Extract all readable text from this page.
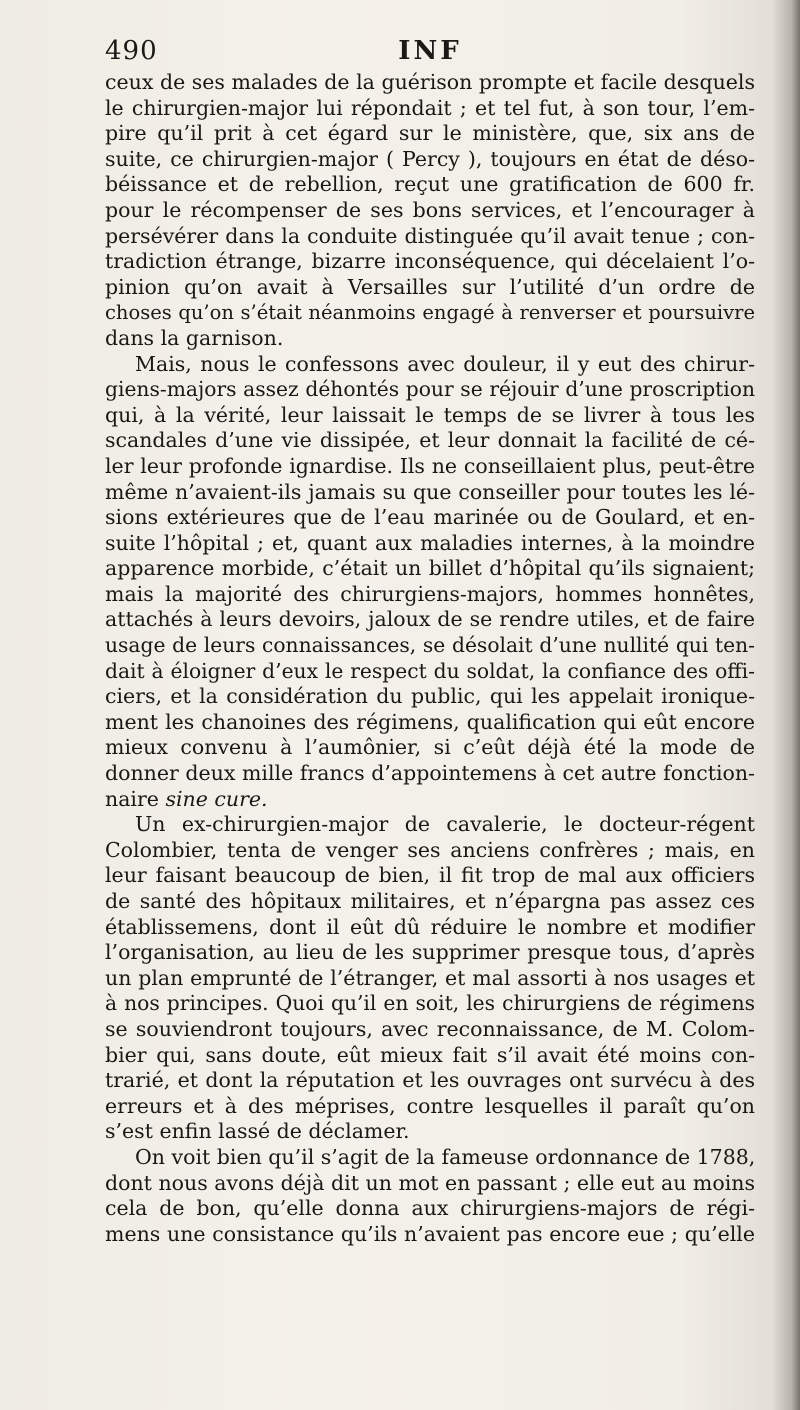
490	INF
ceux de ses malades de la guérison prompte et facile desquels
le chirurgien-major lui répondait ; et tel fut, à son tour, l’em-
pire qu’il prit à cet égard sur le ministère, que, six ans de
suite, ce chirurgien-major ( Percy ), toujours en état de déso-
béissance et de rebellion, reçut une gratification de 600 fr.
pour le récompenser de ses bons services, et l’encourager à
persévérer dans la conduite distinguée qu’il avait tenue ; con-
tradiction étrange, bizarre inconséquence, qui décelaient l’o-
pinion qu’on avait à Versailles sur l’utilité d’un ordre de
choses qu’on s’était néanmoins engagé à renverser et poursuivre
dans la garnison.
Mais, nous le confessons avec douleur, il y eut des chirur-
giens-majors assez déhontés pour se réjouir d’une proscription
qui, à la vérité, leur laissait le temps de se livrer à tous les
scandales d’une vie dissipée, et leur donnait la facilité de cé-
ler leur profonde ignardise. Ils ne conseillaient plus, peut-être
même n’avaient-ils jamais su que conseiller pour toutes les lé-
sions extérieures que de l’eau marinée ou de Goulard, et en-
suite l’hôpital ; et, quant aux maladies internes, à la moindre
apparence morbide, c’était un billet d’hôpital qu’ils signaient;
mais la majorité des chirurgiens-majors, hommes honnêtes,
attachés à leurs devoirs, jaloux de se rendre utiles, et de faire
usage de leurs connaissances, se désolait d’une nullité qui ten-
dait à éloigner d’eux le respect du soldat, la confiance des offi-
ciers, et la considération du public, qui les appelait ironique-
ment les chanoines des régimens, qualification qui eût encore
mieux convenu à l’aumônier, si c’eût déjà été la mode de
donner deux mille francs d’appointemens à cet autre fonction-
naire sine cure.
Un ex-chirurgien-major de cavalerie, le docteur-régent
Colombier, tenta de venger ses anciens confrères ; mais, en
leur faisant beaucoup de bien, il fit trop de mal aux officiers
de santé des hôpitaux militaires, et n’épargna pas assez ces
établissemens, dont il eût dû réduire le nombre et modifier
l’organisation, au lieu de les supprimer presque tous, d’après
un plan emprunté de l’étranger, et mal assorti à nos usages et
à nos principes. Quoi qu’il en soit, les chirurgiens de régimens
se souviendront toujours, avec reconnaissance, de M. Colom-
bier qui, sans doute, eût mieux fait s’il avait été moins con-
trarié, et dont la réputation et les ouvrages ont survécu à des
erreurs et à des méprises, contre lesquelles il paraît qu’on
s’est enfin lassé de déclamer.
On voit bien qu’il s’agit de la fameuse ordonnance de 1788,
dont nous avons déjà dit un mot en passant ; elle eut au moins
cela de bon, qu’elle donna aux chirurgiens-majors de régi-
mens une consistance qu’ils n’avaient pas encore eue ; qu’elle
